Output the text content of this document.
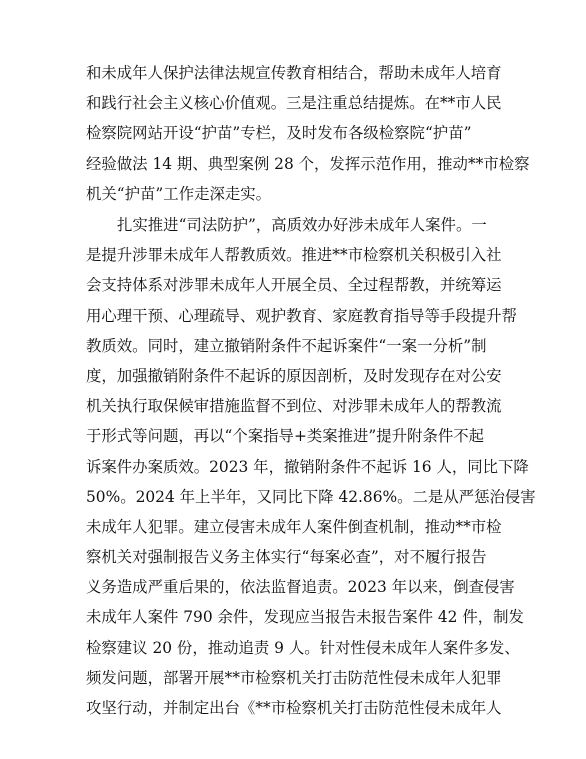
和未成年人保护法律法规宣传教育相结合，帮助未成年人培育
和践行社会主义核心价值观。三是注重总结提炼。在**市人民
检察院网站开设“护苗”专栏，及时发布各级检察院“护苗”
经验做法 14 期、典型案例 28 个，发挥示范作用，推动**市检察
机关“护苗”工作走深走实。
扎实推进“司法防护”，高质效办好涉未成年人案件。一
是提升涉罪未成年人帮教质效。推进**市检察机关积极引入社
会支持体系对涉罪未成年人开展全员、全过程帮教，并统筹运
用心理干预、心理疏导、观护教育、家庭教育指导等手段提升帮
教质效。同时，建立撤销附条件不起诉案件“一案一分析”制
度，加强撤销附条件不起诉的原因剖析，及时发现存在对公安
机关执行取保候审措施监督不到位、对涉罪未成年人的帮教流
于形式等问题，再以“个案指导+类案推进”提升附条件不起
诉案件办案质效。2023 年，撤销附条件不起诉 16 人，同比下降
50%。2024 年上半年，又同比下降 42.86%。二是从严惩治侵害
未成年人犯罪。建立侵害未成年人案件倒查机制，推动**市检
察机关对强制报告义务主体实行“每案必查”，对不履行报告
义务造成严重后果的，依法监督追责。2023 年以来，倒查侵害
未成年人案件 790 余件，发现应当报告未报告案件 42 件，制发
检察建议 20 份，推动追责 9 人。针对性侵未成年人案件多发、
频发问题，部署开展**市检察机关打击防范性侵未成年人犯罪
攻坚行动，并制定出台《**市检察机关打击防范性侵未成年人
